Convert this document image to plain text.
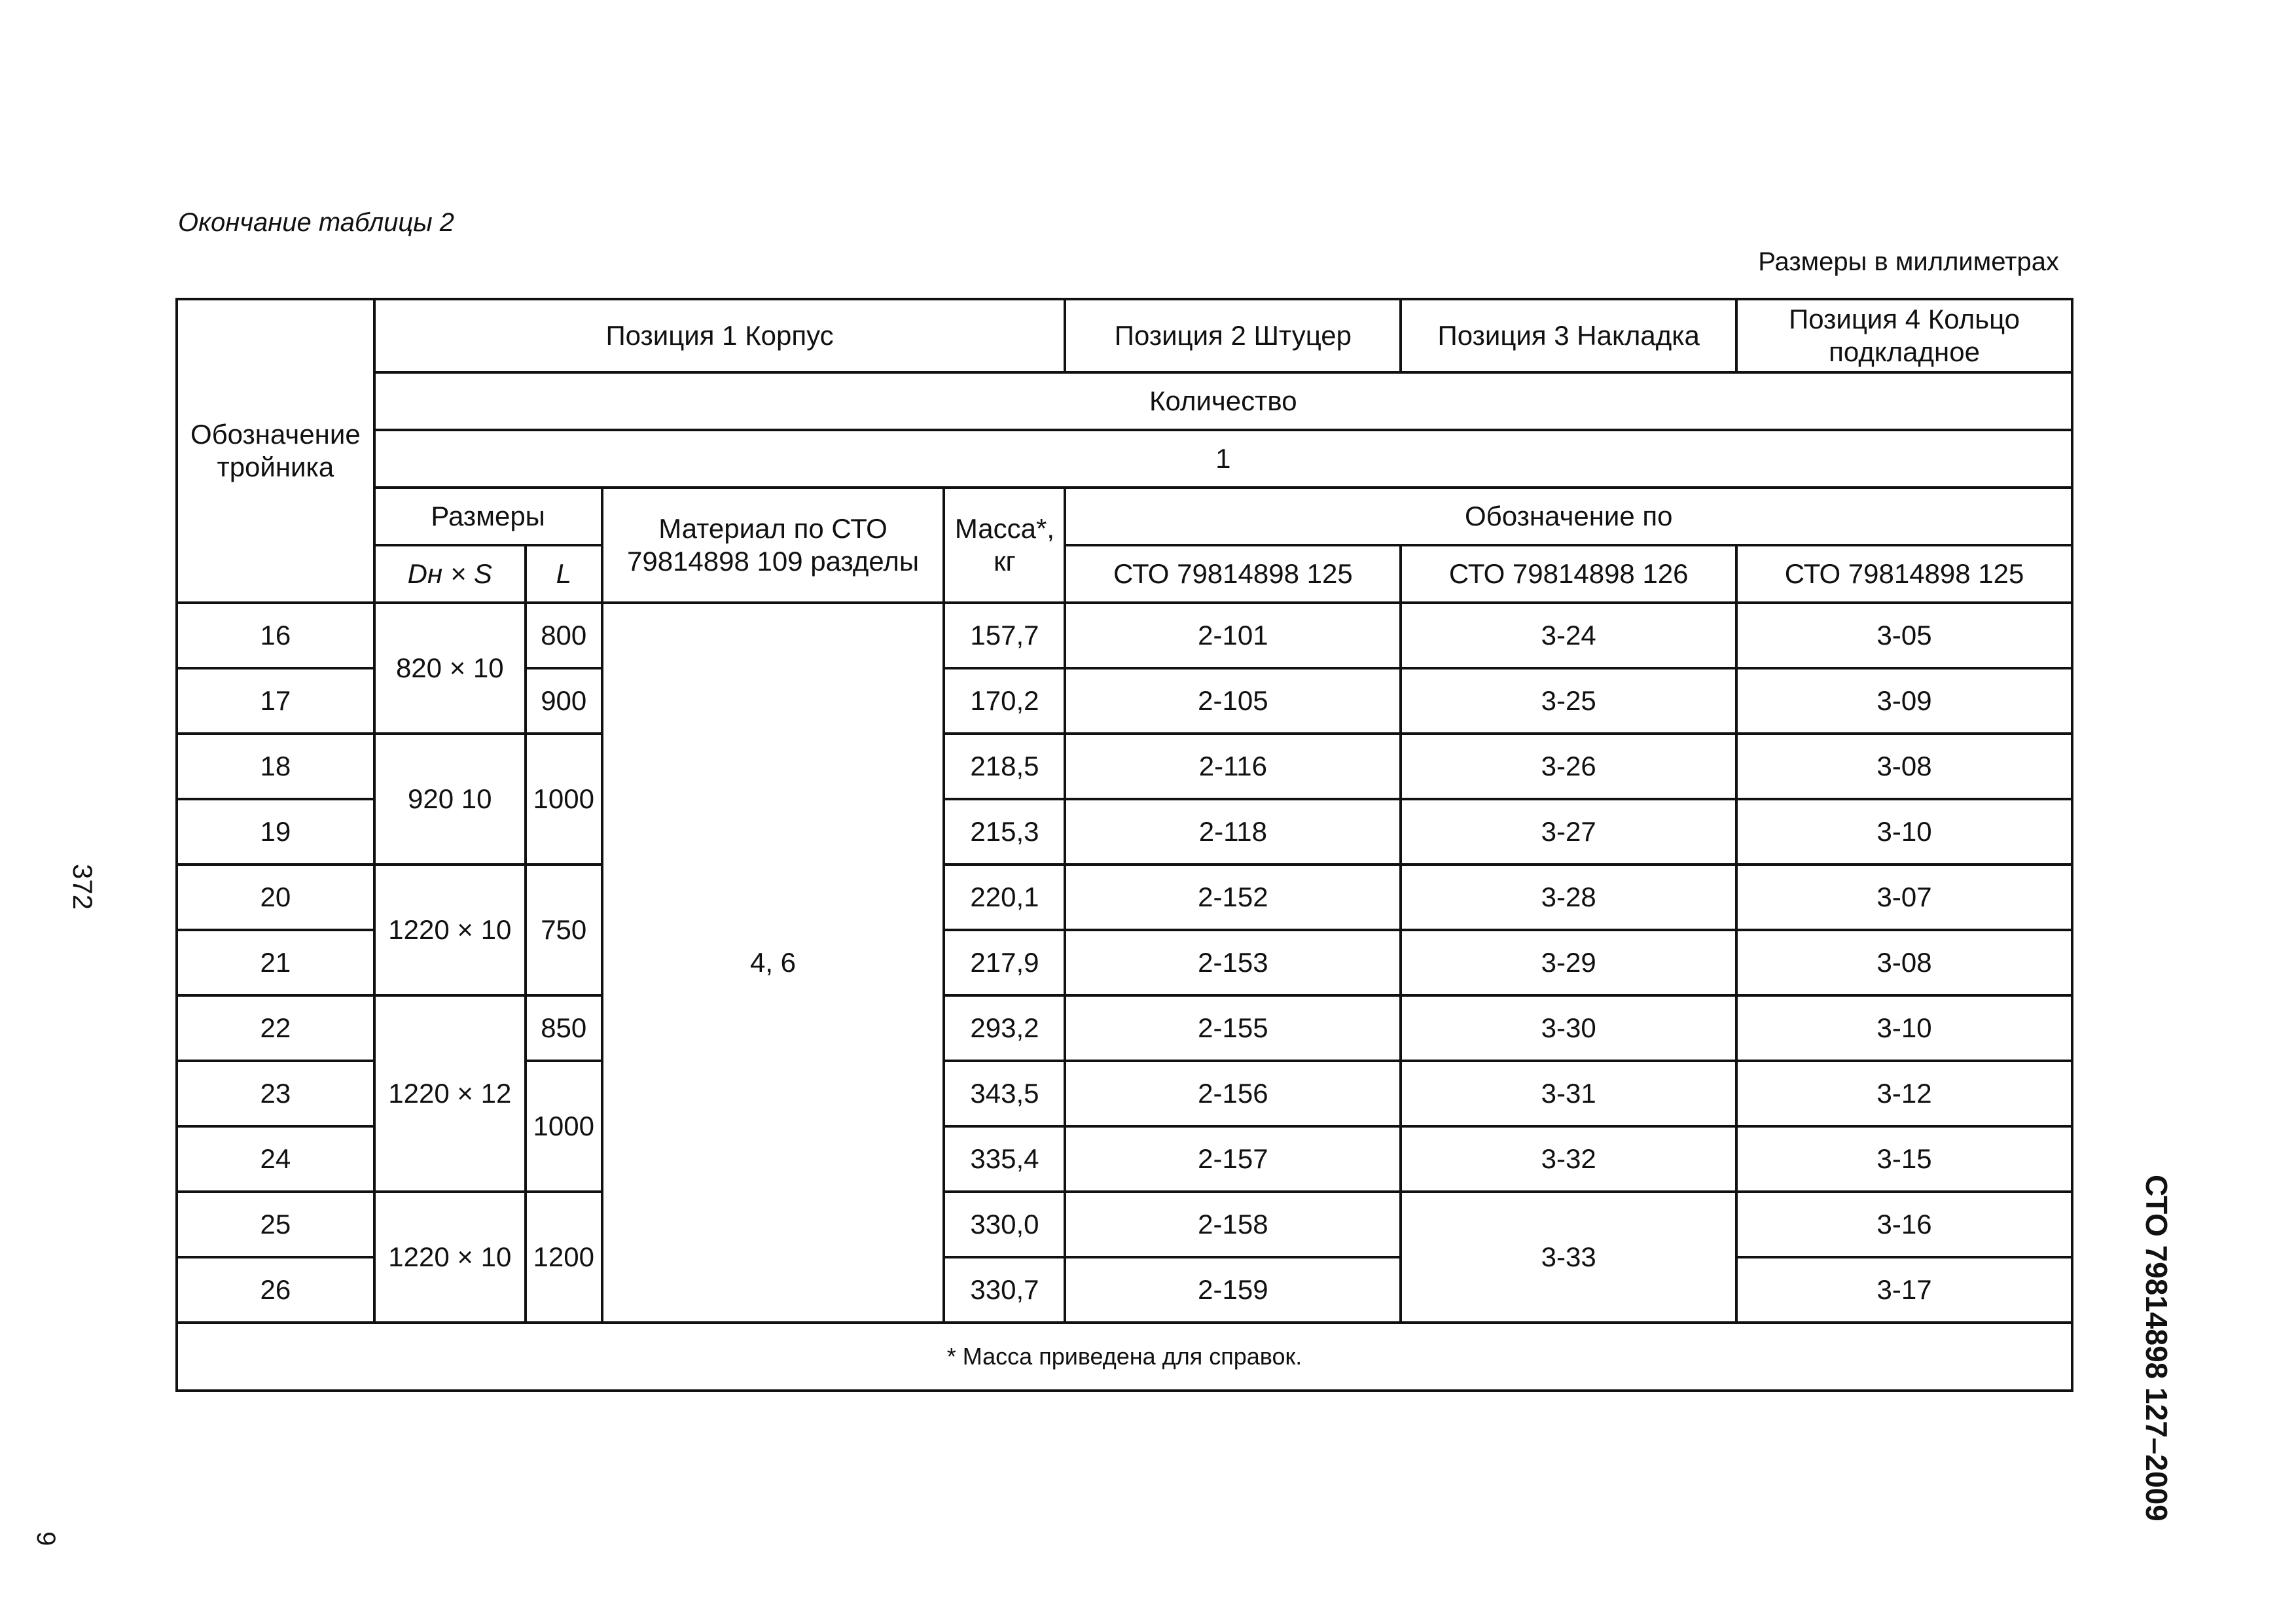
Окончание таблицы 2
Размеры в миллиметрах
372
9
СТО 79814898 127–2009
Обозначение тройника	Позиция 1 Корпус				Позиция 2 Штуцер	Позиция 3 Накладка	Позиция 4 Кольцо подкладное
	Количество						
	1						
	Размеры		Материал по СТО 79814898 109 разделы	Масса*, кг	Обозначение по		
	Dн × S	L			СТО 79814898 125	СТО 79814898 126	СТО 79814898 125
16	820 × 10	800	4, 6	157,7	2-101	3-24	3-05
17		900		170,2	2-105	3-25	3-09
18	920 10	1000		218,5	2-116	3-26	3-08
19				215,3	2-118	3-27	3-10
20	1220 × 10	750		220,1	2-152	3-28	3-07
21				217,9	2-153	3-29	3-08
22	1220 × 12	850		293,2	2-155	3-30	3-10
23		1000		343,5	2-156	3-31	3-12
24				335,4	2-157	3-32	3-15
25	1220 × 10	1200		330,0	2-158	3-33	3-16
26				330,7	2-159		3-17
* Масса приведена для справок.							
